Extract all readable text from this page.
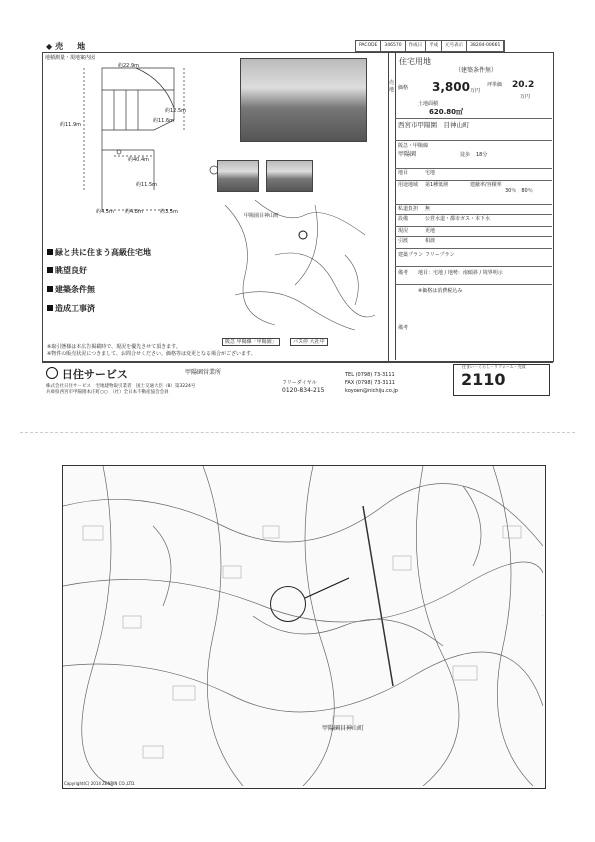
◆売　地	PACODE	346570	作成日	平成	元号表示	38204-00661
地積測量・現地案内図
約22.9m
約12.5m
約11.6m
約11.9m
約40.4m
約11.5m
約4.5m 約4.8m	約3.5m
甲陽園目神山町
緑と共に住まう高級住宅地
眺望良好
建築条件無
造成工事済
阪急 甲陽線「甲陽園」	バス停 大社中
※取引態様は本広告掲載時で、現況を優先させて頂きます。
※物件の販売状況につきまして、お問合せください。価格等は変更となる場合がございます。
売　地
住宅用地
（建築条件無）
価格 3,800 万円
坪単価 20.2
万円
土地面積
620.80㎡
西宮市甲陽園　目神山町
阪急・甲陽線
甲陽園	徒歩 18分
地目	宅地
用途地域 第1種低層	建蔽率/容積率
30％　80％
私道負担 無
設備	公営水道・都市ガス・本下水
現況	更地
引渡	相談
建築プラン フリープラン
備考 地目：宅地 / 地勢：南傾斜 / 境界明示
※価格は消費税込み
備考
日住サービス	甲陽園営業所
株式会社日住サービス　宅地建物取引業者　国土交通大臣（8）第3224号
兵庫県西宮市甲陽園本庄町○○　（社）全日本不動産協会会員
フリーダイヤル
0120-834-215
TEL (0798) 73-3111
FAX (0798) 73-3111
koyoen@nichiju.co.jp
2110
住まい・くらし・リフォーム・売買
甲陽園目神山町
Copyright(C) 2014 ZENRIN CO.,LTD.
